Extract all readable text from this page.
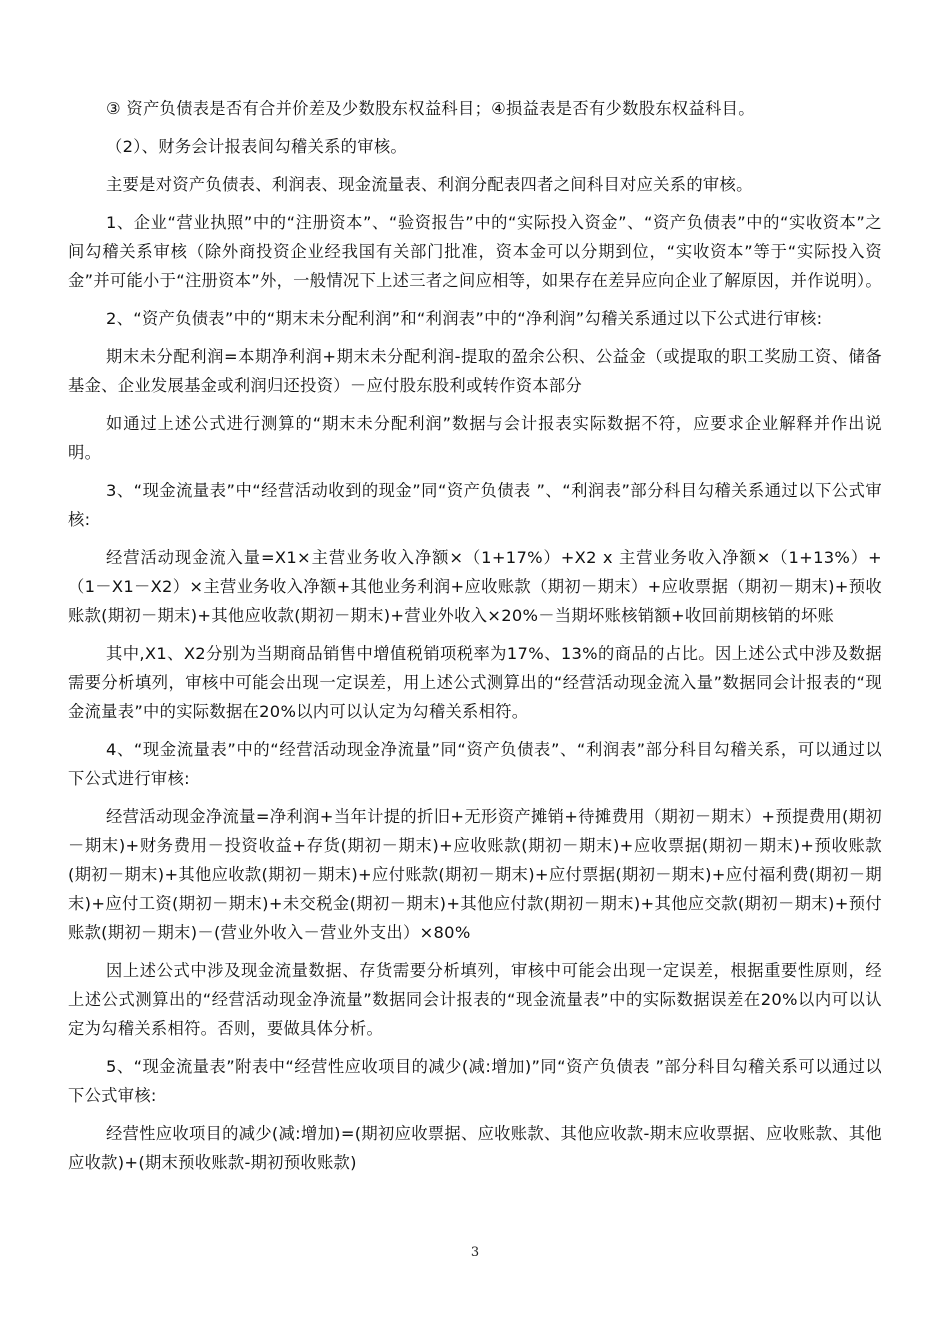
③ 资产负债表是否有合并价差及少数股东权益科目；④损益表是否有少数股东权益科目。

（2）、财务会计报表间勾稽关系的审核。

主要是对资产负债表、利润表、现金流量表、利润分配表四者之间科目对应关系的审核。

1、企业“营业执照”中的“注册资本”、“验资报告”中的“实际投入资金”、“资产负债表”中的“实收资本”之间勾稽关系审核（除外商投资企业经我国有关部门批准，资本金可以分期到位，“实收资本”等于“实际投入资金”并可能小于“注册资本”外，一般情况下上述三者之间应相等，如果存在差异应向企业了解原因，并作说明）。

2、“资产负债表”中的“期末未分配利润”和“利润表”中的“净利润”勾稽关系通过以下公式进行审核:

期末未分配利润=本期净利润+期末未分配利润-提取的盈余公积、公益金（或提取的职工奖励工资、储备基金、企业发展基金或利润归还投资）－应付股东股利或转作资本部分

如通过上述公式进行测算的“期末未分配利润”数据与会计报表实际数据不符，应要求企业解释并作出说明。

3、“现金流量表”中“经营活动收到的现金”同“资产负债表 ”、“利润表”部分科目勾稽关系通过以下公式审核:

经营活动现金流入量=X1×主营业务收入净额×（1+17%）+X2 x 主营业务收入净额×（1+13%）+（1－X1－X2）×主营业务收入净额+其他业务利润+应收账款（期初－期末）+应收票据（期初－期末)+预收账款(期初－期末)+其他应收款(期初－期末)+营业外收入×20%－当期坏账核销额+收回前期核销的坏账

其中,X1、X2分别为当期商品销售中增值税销项税率为17%、13%的商品的占比。因上述公式中涉及数据需要分析填列，审核中可能会出现一定误差，用上述公式测算出的“经营活动现金流入量”数据同会计报表的“现金流量表”中的实际数据在20%以内可以认定为勾稽关系相符。

4、“现金流量表”中的“经营活动现金净流量”同“资产负债表”、“利润表”部分科目勾稽关系，可以通过以下公式进行审核:

经营活动现金净流量=净利润+当年计提的折旧+无形资产摊销+待摊费用（期初－期末）+预提费用(期初－期末)+财务费用－投资收益+存货(期初－期末)+应收账款(期初－期末)+应收票据(期初－期末)+预收账款(期初－期末)+其他应收款(期初－期末)+应付账款(期初－期末)+应付票据(期初－期末)+应付福利费(期初－期末)+应付工资(期初－期末)+未交税金(期初－期末)+其他应付款(期初－期末)+其他应交款(期初－期末)+预付账款(期初－期末)－(营业外收入－营业外支出）×80%

因上述公式中涉及现金流量数据、存货需要分析填列，审核中可能会出现一定误差，根据重要性原则，经上述公式测算出的“经营活动现金净流量”数据同会计报表的“现金流量表”中的实际数据误差在20%以内可以认定为勾稽关系相符。否则，要做具体分析。

5、“现金流量表”附表中“经营性应收项目的减少(减:增加)”同“资产负债表 ”部分科目勾稽关系可以通过以下公式审核:

经营性应收项目的减少(减:增加)=(期初应收票据、应收账款、其他应收款-期末应收票据、应收账款、其他应收款)+(期末预收账款-期初预收账款)

3
